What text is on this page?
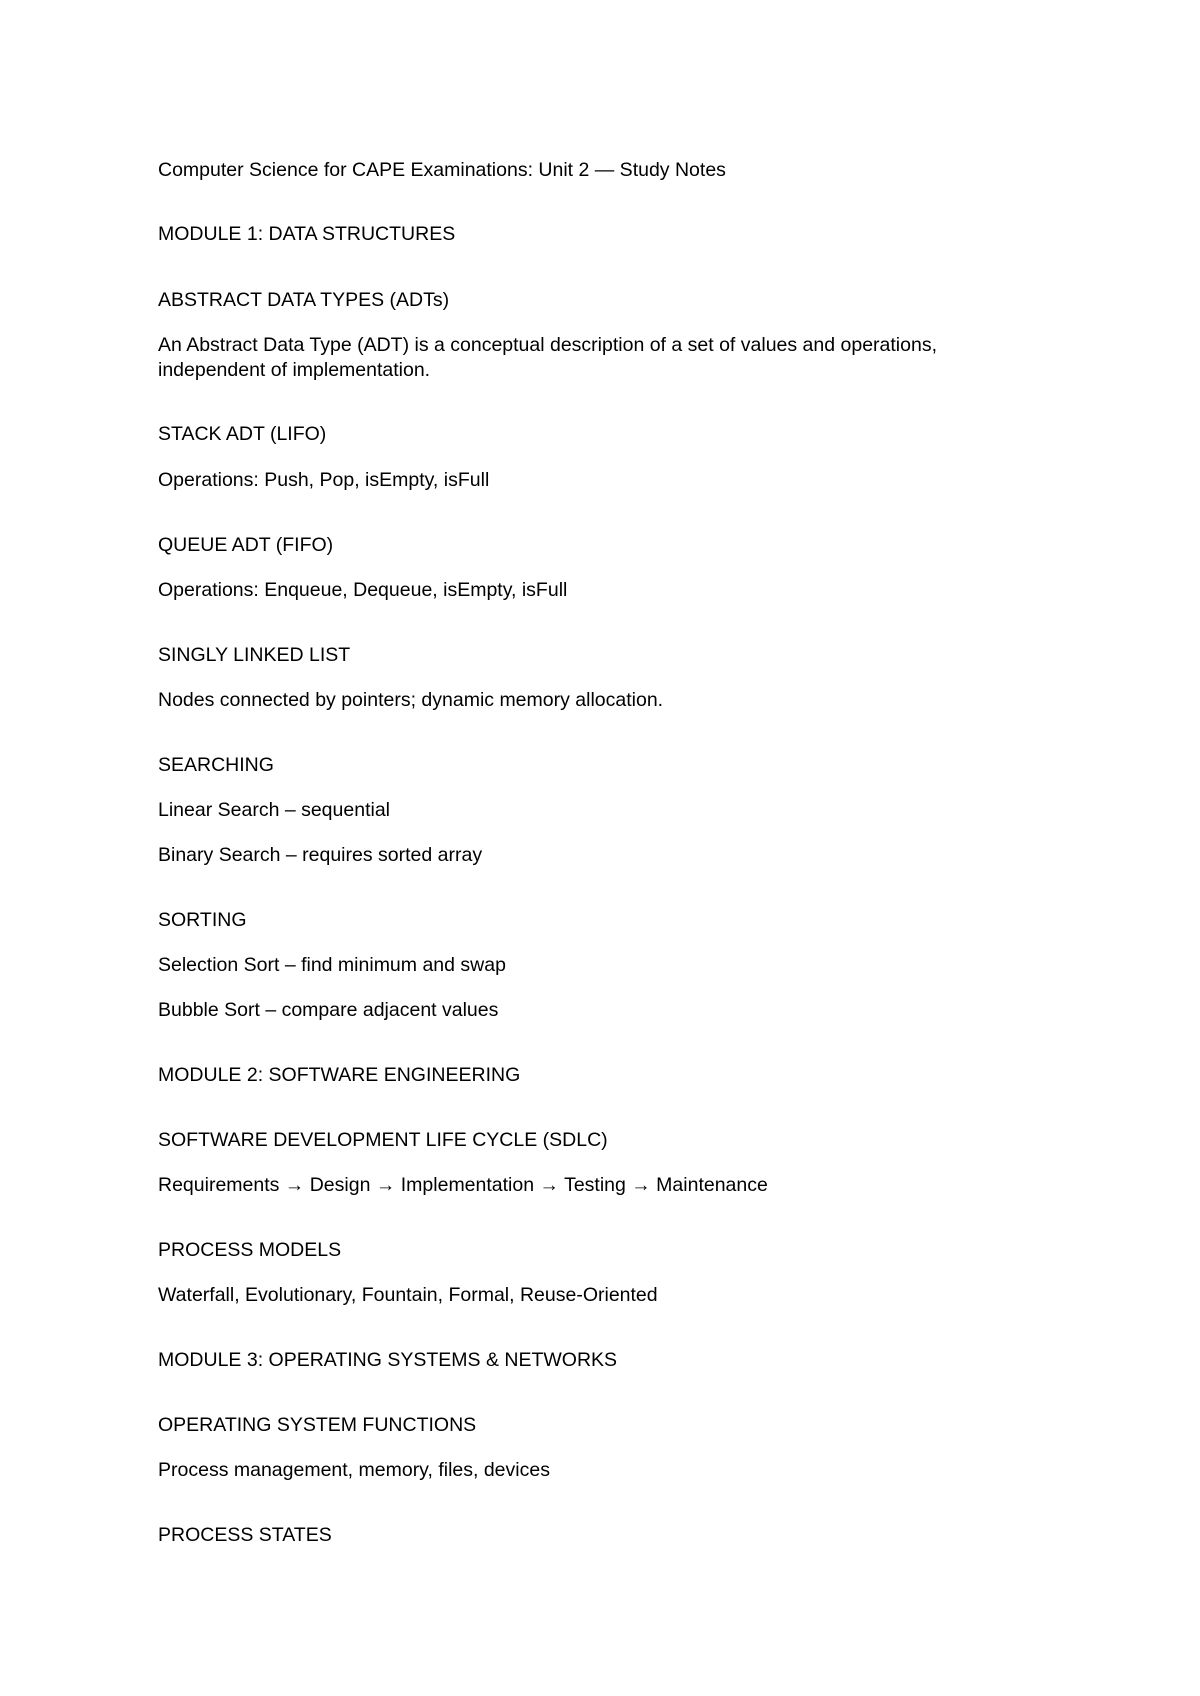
Computer Science for CAPE Examinations: Unit 2 — Study Notes

MODULE 1: DATA STRUCTURES

ABSTRACT DATA TYPES (ADTs)

An Abstract Data Type (ADT) is a conceptual description of a set of values and operations,

independent of implementation.

STACK ADT (LIFO)

Operations: Push, Pop, isEmpty, isFull

QUEUE ADT (FIFO)

Operations: Enqueue, Dequeue, isEmpty, isFull

SINGLY LINKED LIST

Nodes connected by pointers; dynamic memory allocation.

SEARCHING

Linear Search – sequential

Binary Search – requires sorted array

SORTING

Selection Sort – find minimum and swap

Bubble Sort – compare adjacent values

MODULE 2: SOFTWARE ENGINEERING

SOFTWARE DEVELOPMENT LIFE CYCLE (SDLC)

Requirements → Design → Implementation → Testing → Maintenance

PROCESS MODELS

Waterfall, Evolutionary, Fountain, Formal, Reuse-Oriented

MODULE 3: OPERATING SYSTEMS & NETWORKS

OPERATING SYSTEM FUNCTIONS

Process management, memory, files, devices

PROCESS STATES
